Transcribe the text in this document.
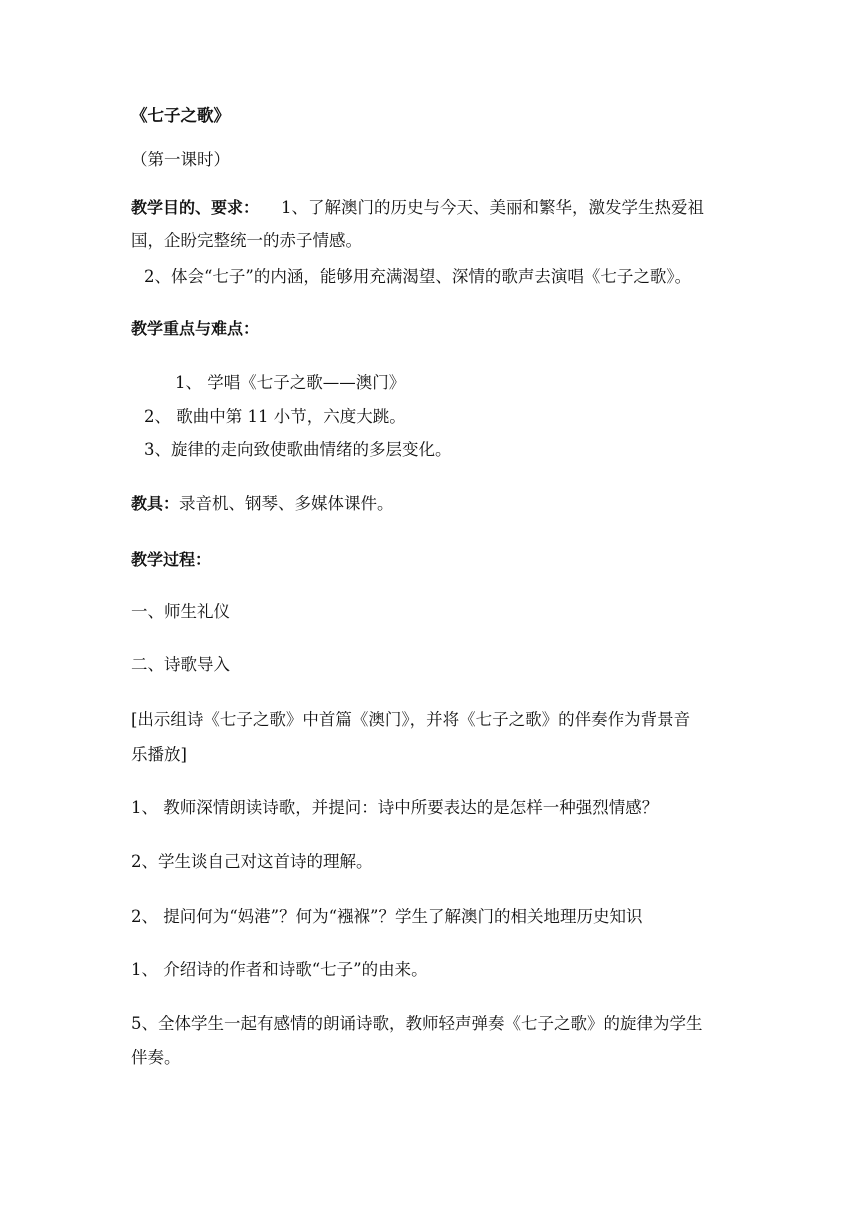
《七子之歌》
（第一课时）
教学目的、要求： 1、了解澳门的历史与今天、美丽和繁华，激发学生热爱祖
国，企盼完整统一的赤子情感。
2、体会“七子”的内涵，能够用充满渴望、深情的歌声去演唱《七子之歌》。
教学重点与难点：
1、 学唱《七子之歌——澳门》
2、 歌曲中第 11 小节，六度大跳。
3、旋律的走向致使歌曲情绪的多层变化。
教具：录音机、钢琴、多媒体课件。
教学过程：
一、师生礼仪
二、诗歌导入
[出示组诗《七子之歌》中首篇《澳门》，并将《七子之歌》的伴奏作为背景音
乐播放]
1、 教师深情朗读诗歌，并提问：诗中所要表达的是怎样一种强烈情感？
2、学生谈自己对这首诗的理解。
2、 提问何为“妈港”？何为“襁褓”？学生了解澳门的相关地理历史知识
1、 介绍诗的作者和诗歌“七子”的由来。
5、全体学生一起有感情的朗诵诗歌，教师轻声弹奏《七子之歌》的旋律为学生
伴奏。
